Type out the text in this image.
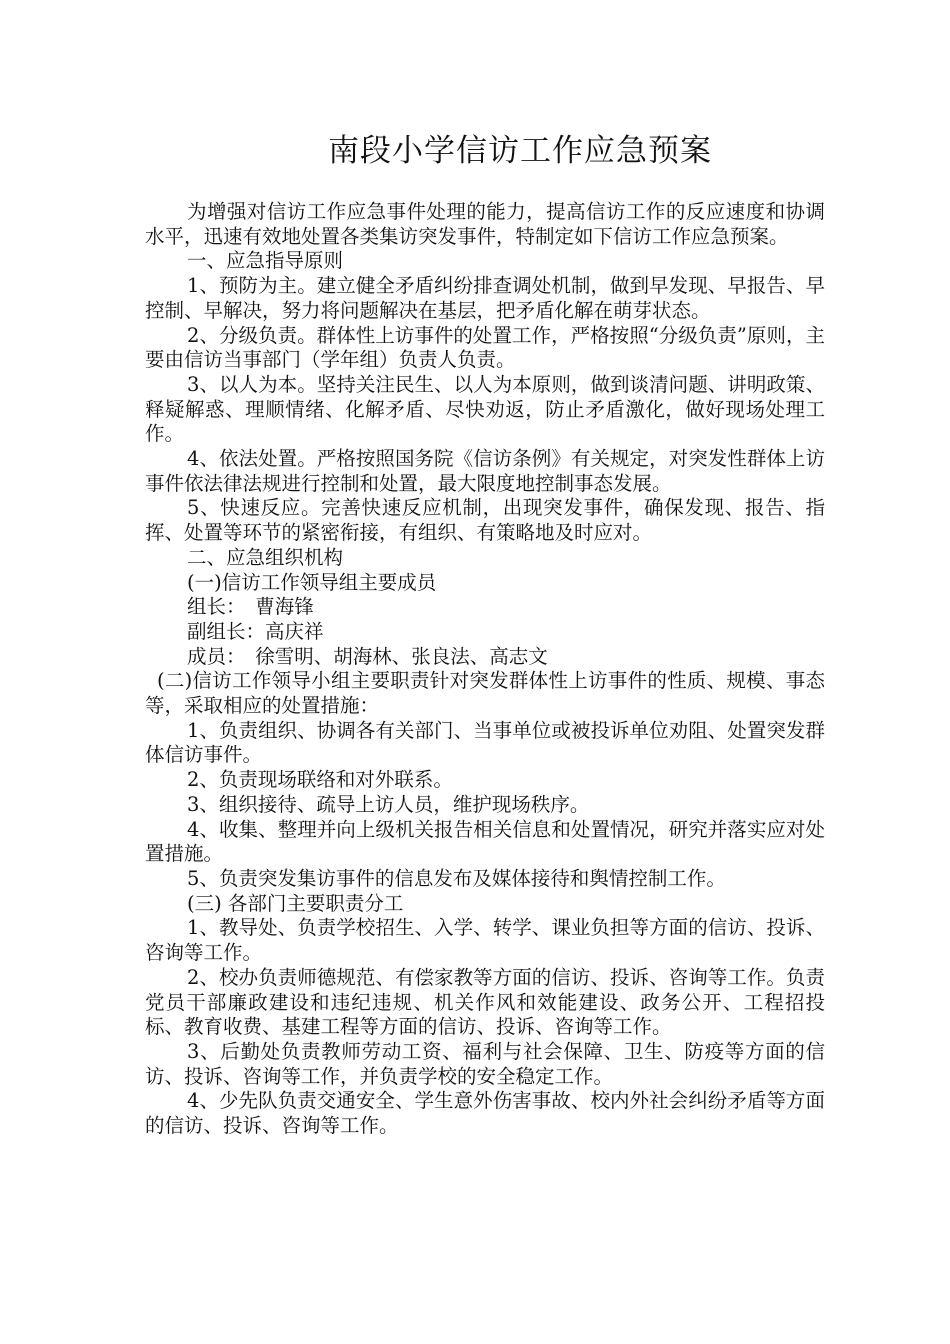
南段小学信访工作应急预案

为增强对信访工作应急事件处理的能力，提高信访工作的反应速度和协调水平，迅速有效地处置各类集访突发事件，特制定如下信访工作应急预案。

一、应急指导原则

1、预防为主。建立健全矛盾纠纷排查调处机制，做到早发现、早报告、早控制、早解决，努力将问题解决在基层，把矛盾化解在萌芽状态。

2、分级负责。群体性上访事件的处置工作，严格按照“分级负责”原则，主要由信访当事部门（学年组）负责人负责。

3、以人为本。坚持关注民生、以人为本原则，做到谈清问题、讲明政策、释疑解惑、理顺情绪、化解矛盾、尽快劝返，防止矛盾激化，做好现场处理工作。

4、依法处置。严格按照国务院《信访条例》有关规定，对突发性群体上访事件依法律法规进行控制和处置，最大限度地控制事态发展。

5、快速反应。完善快速反应机制，出现突发事件，确保发现、报告、指挥、处置等环节的紧密衔接，有组织、有策略地及时应对。

二、应急组织机构

(一)信访工作领导组主要成员

组长：　曹海锋

副组长：高庆祥

成员：　徐雪明、胡海林、张良法、高志文

(二)信访工作领导小组主要职责针对突发群体性上访事件的性质、规模、事态等，采取相应的处置措施：

1、负责组织、协调各有关部门、当事单位或被投诉单位劝阻、处置突发群体信访事件。

2、负责现场联络和对外联系。

3、组织接待、疏导上访人员，维护现场秩序。

4、收集、整理并向上级机关报告相关信息和处置情况，研究并落实应对处置措施。

5、负责突发集访事件的信息发布及媒体接待和舆情控制工作。

(三) 各部门主要职责分工

1、教导处、负责学校招生、入学、转学、课业负担等方面的信访、投诉、咨询等工作。

2、校办负责师德规范、有偿家教等方面的信访、投诉、咨询等工作。负责党员干部廉政建设和违纪违规、机关作风和效能建设、政务公开、工程招投标、教育收费、基建工程等方面的信访、投诉、咨询等工作。

3、后勤处负责教师劳动工资、福利与社会保障、卫生、防疫等方面的信访、投诉、咨询等工作，并负责学校的安全稳定工作。

4、少先队负责交通安全、学生意外伤害事故、校内外社会纠纷矛盾等方面的信访、投诉、咨询等工作。
